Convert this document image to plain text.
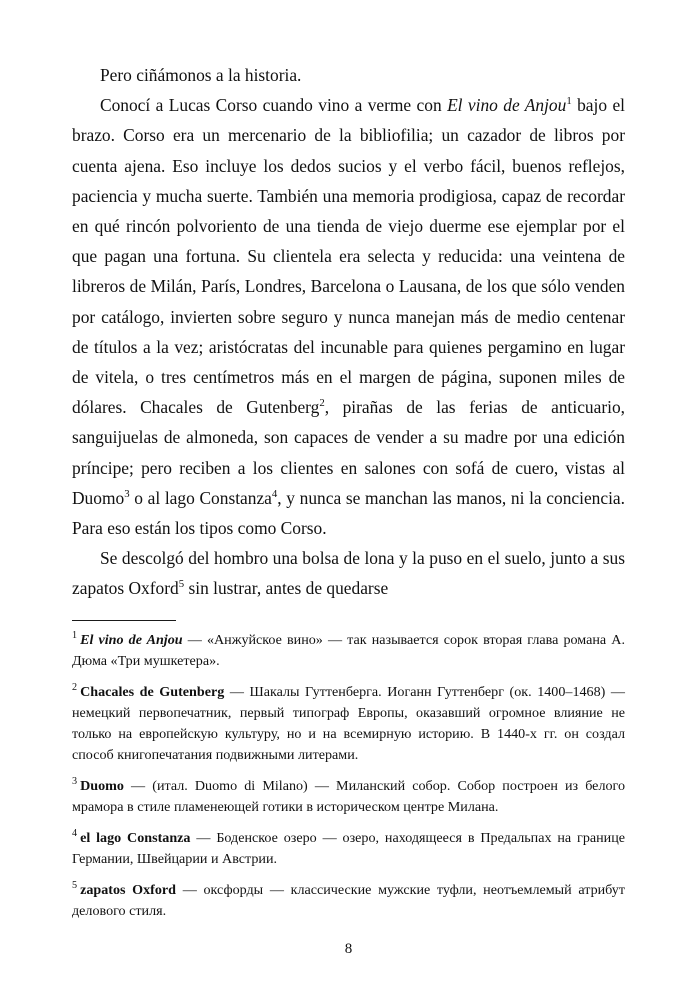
Pero ciñámonos a la historia.

Conocí a Lucas Corso cuando vino a verme con El vino de Anjou$^1$ bajo el brazo. Corso era un mercenario de la bibliofilia; un cazador de libros por cuenta ajena. Eso incluye los dedos sucios y el verbo fácil, buenos reflejos, paciencia y mucha suerte. También una memoria prodigiosa, capaz de recordar en qué rincón polvoriento de una tienda de viejo duerme ese ejemplar por el que pagan una fortuna. Su clientela era selecta y reducida: una veintena de libreros de Milán, París, Londres, Barcelona o Lausana, de los que sólo venden por catálogo, invierten sobre seguro y nunca manejan más de medio centenar de títulos a la vez; aristócratas del incunable para quienes pergamino en lugar de vitela, o tres centímetros más en el margen de página, suponen miles de dólares. Chacales de Gutenberg$^2$, pirañas de las ferias de anticuario, sanguijuelas de almoneda, son capaces de vender a su madre por una edición príncipe; pero reciben a los clientes en salones con sofá de cuero, vistas al Duomo$^3$ o al lago Constanza$^4$, y nunca se manchan las manos, ni la conciencia. Para eso están los tipos como Corso.

Se descolgó del hombro una bolsa de lona y la puso en el suelo, junto a sus zapatos Oxford$^5$ sin lustrar, antes de quedarse

$^1$ El vino de Anjou — «Анжуйское вино» — так называется сорок вторая глава романа А. Дюма «Три мушкетера».
$^2$ Chacales de Gutenberg — Шакалы Гуттенберга. Иоганн Гуттенберг (ок. 1400–1468) — немецкий первопечатник, первый типограф Европы, оказавший огромное влияние не только на европейскую культуру, но и на всемирную историю. В 1440-х гг. он создал способ книгопечатания подвижными литерами.
$^3$ Duomo — (итал. Duomo di Milano) — Миланский собор. Собор построен из белого мрамора в стиле пламенеющей готики в историческом центре Милана.
$^4$ el lago Constanza — Боденское озеро — озеро, находящееся в Предальпах на границе Германии, Швейцарии и Австрии.
$^5$ zapatos Oxford — оксфорды — классические мужские туфли, неотъемлемый атрибут делового стиля.
8
